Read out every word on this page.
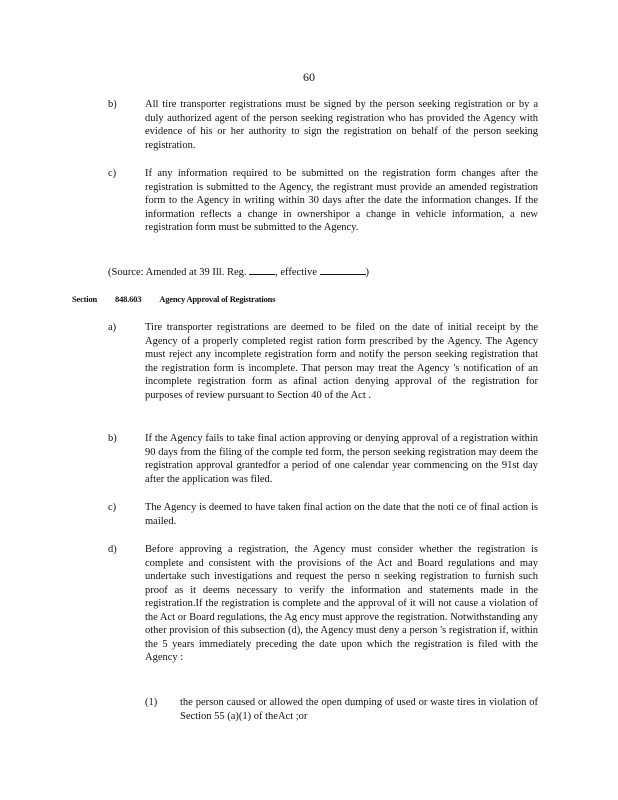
60
b)	All tire transporter registrations must be signed by the person seeking registration or by a duly authorized agent of the person seeking registration who has provided the Agency with evidence of his or her authority to sign the registration on behalf of the person seeking registration.
c)	If any information required to be submitted on the registration form changes after the registration is submitted to the Agency, the registrant must provide an amended registration form to the Agency in writing within 30 days after the date the information changes. If the information reflects a change in ownershipor a change in vehicle information, a new registration form must be submitted to the Agency.
(Source: Amended at 39 Ill. Reg.	, effective	)
Section 848.603 Agency Approval of Registrations
a)	Tire transporter registrations are deemed to be filed on the date of initial receipt by the Agency of a properly completed regist ration form prescribed by the Agency. The Agency must reject any incomplete registration form and notify the person seeking registration that the registration form is incomplete. That person may treat the Agency 's notification of an incomplete registration form as afinal action denying approval of the registration for purposes of review pursuant to Section 40 of the Act .
b)	If the Agency fails to take final action approving or denying approval of a registration within 90 days from the filing of the comple ted form, the person seeking registration may deem the registration approval grantedfor a period of one calendar year commencing on the 91st day after the application was filed.
c)	The Agency is deemed to have taken final action on the date that the noti ce of final action is mailed.
d)	Before approving a registration, the Agency must consider whether the registration is complete and consistent with the provisions of the Act and Board regulations and may undertake such investigations and request the perso n seeking registration to furnish such proof as it deems necessary to verify the information and statements made in the registration.If the registration is complete and the approval of it will not cause a violation of the Act or Board regulations, the Ag ency must approve the registration. Notwithstanding any other provision of this subsection (d), the Agency must deny a person 's registration if, within the 5 years immediately preceding the date upon which the registration is filed with the Agency :
(1) the person caused or allowed the open dumping of used or waste tires in violation of Section 55 (a)(1) of theAct ;or
